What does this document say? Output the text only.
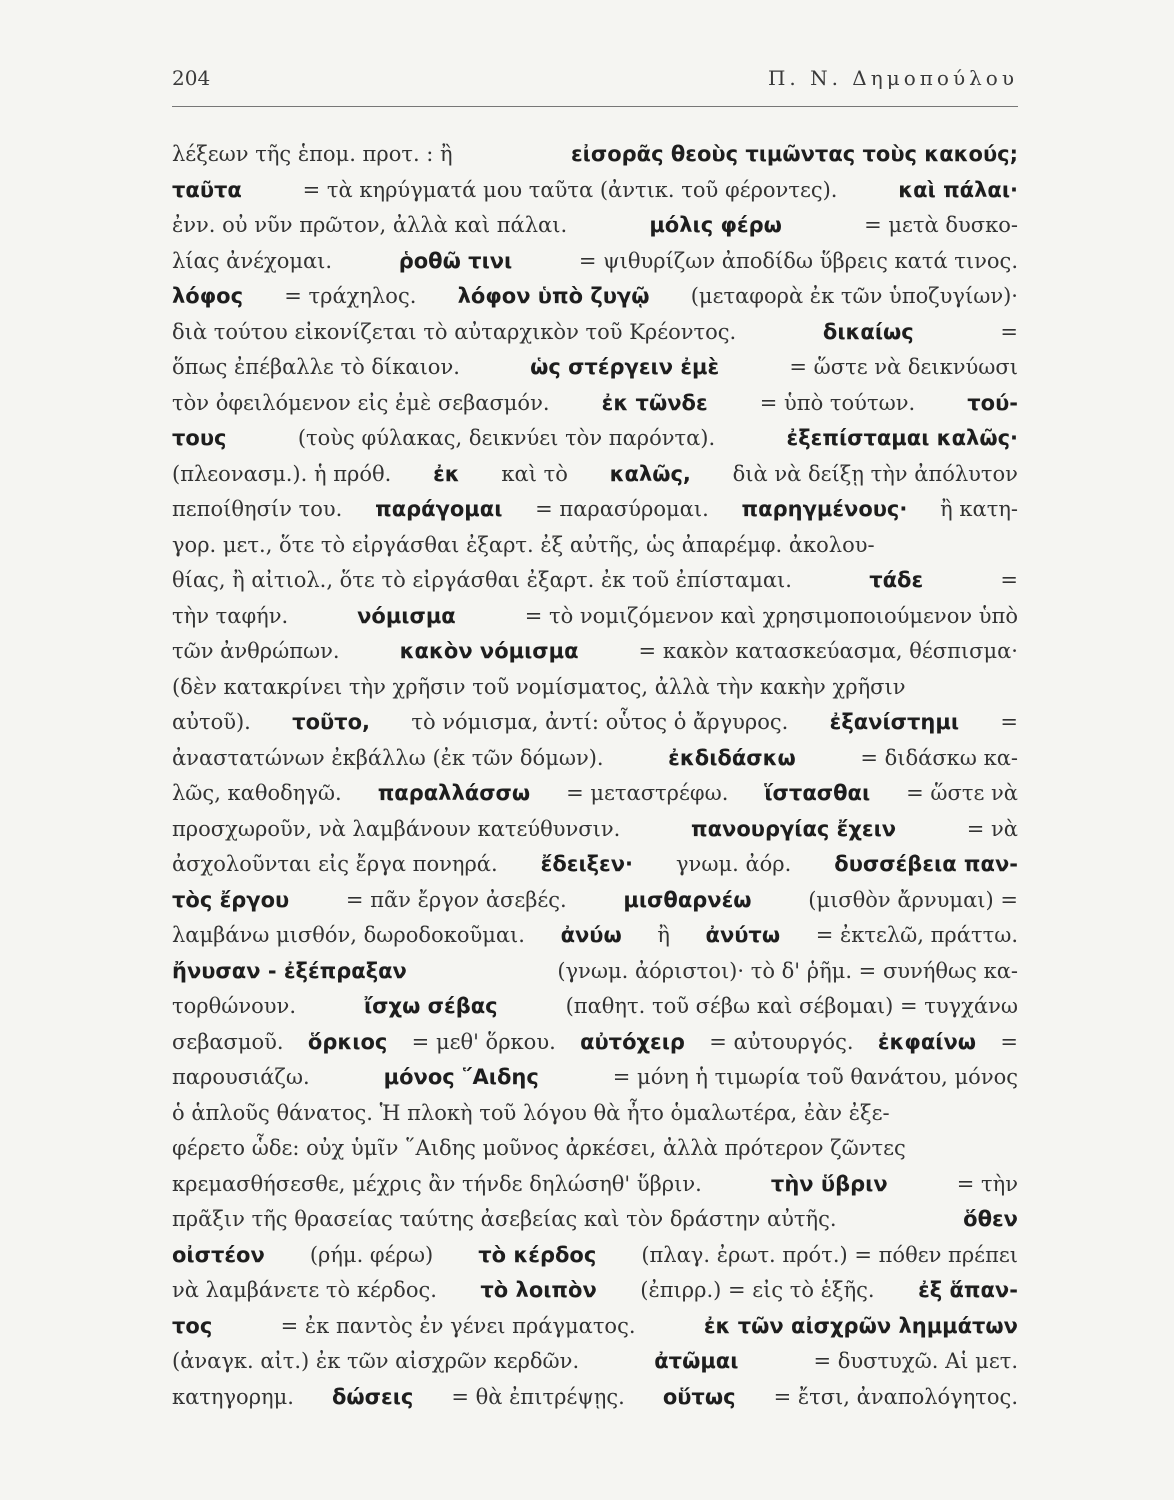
204	Π. Ν. Δημοπούλου
λέξεων τῆς ἑπομ. προτ. : ἢ	εἰσορᾶς θεοὺς τιμῶντας τοὺς κακούς;
ταῦτα	= τὰ κηρύγματά μου ταῦτα (ἀντικ. τοῦ φέροντες).	καὶ πάλαι·
ἐνν. οὐ νῦν πρῶτον, ἀλλὰ καὶ πάλαι.	μόλις φέρω	= μετὰ δυσκο-
λίας ἀνέχομαι.	ῥοθῶ τινι	= ψιθυρίζων ἀποδίδω ὕβρεις κατά τινος.
λόφος = τράχηλος. λόφον ὑπὸ ζυγῷ (μεταφορὰ ἐκ τῶν ὑποζυγίων)·
διὰ τούτου εἰκονίζεται τὸ αὐταρχικὸν τοῦ Κρέοντος.	δικαίως	=
ὅπως ἐπέβαλλε τὸ δίκαιον.	ὡς στέργειν ἐμὲ	= ὥστε νὰ δεικνύωσι
τὸν ὀφειλόμενον εἰς ἐμὲ σεβασμόν. ἐκ τῶνδε = ὑπὸ τούτων. τού-
τους	(τοὺς φύλακας, δεικνύει τὸν παρόντα).	ἐξεπίσταμαι καλῶς·
(πλεονασμ.). ἡ πρόθ. ἐκ καὶ τὸ καλῶς, διὰ νὰ δείξῃ τὴν ἀπόλυτον
πεποίθησίν του. παράγομαι = παρασύρομαι. παρηγμένους· ἢ κατη-
γορ. μετ., ὅτε τὸ εἰργάσθαι ἐξαρτ. ἐξ αὐτῆς, ὡς ἀπαρέμφ. ἀκολου-
θίας, ἢ αἰτιολ., ὅτε τὸ εἰργάσθαι ἐξαρτ. ἐκ τοῦ ἐπίσταμαι.	τάδε	=
τὴν ταφήν.	νόμισμα	= τὸ νομιζόμενον καὶ χρησιμοποιούμενον ὑπὸ
τῶν ἀνθρώπων.	κακὸν νόμισμα	= κακὸν κατασκεύασμα, θέσπισμα·
(δὲν κατακρίνει τὴν χρῆσιν τοῦ νομίσματος, ἀλλὰ τὴν κακὴν χρῆσιν
αὐτοῦ). τοῦτο, τὸ νόμισμα, ἀντί: οὗτος ὁ ἄργυρος. ἐξανίστημι =
ἀναστατώνων ἐκβάλλω (ἐκ τῶν δόμων).	ἐκδιδάσκω	= διδάσκω κα-
λῶς, καθοδηγῶ. παραλλάσσω = μεταστρέφω. ἵστασθαι = ὥστε νὰ
προσχωροῦν, νὰ λαμβάνουν κατεύθυνσιν.	πανουργίας ἔχειν	= νὰ
ἀσχολοῦνται εἰς ἔργα πονηρά. ἔδειξεν· γνωμ. ἀόρ. δυσσέβεια παν-
τὸς ἔργου	= πᾶν ἔργον ἀσεβές.	μισθαρνέω	(μισθὸν ἄρνυμαι) =
λαμβάνω μισθόν, δωροδοκοῦμαι. ἀνύω ἢ ἀνύτω = ἐκτελῶ, πράττω.
ἤνυσαν - ἐξέπραξαν	(γνωμ. ἀόριστοι)· τὸ δ' ῥῆμ. = συνήθως κα-
τορθώνουν.	ἴσχω σέβας	(παθητ. τοῦ σέβω καὶ σέβομαι) = τυγχάνω
σεβασμοῦ. ὅρκιος = μεθ' ὅρκου. αὐτόχειρ = αὐτουργός. ἐκφαίνω =
παρουσιάζω.	μόνος ῞Αιδης	= μόνη ἡ τιμωρία τοῦ θανάτου, μόνος
ὁ ἁπλοῦς θάνατος. Ἡ πλοκὴ τοῦ λόγου θὰ ἦτο ὁμαλωτέρα, ἐὰν ἐξε-
φέρετο ὧδε: οὐχ ὑμῖν ῞Αιδης μοῦνος ἀρκέσει, ἀλλὰ πρότερον ζῶντες
κρεμασθήσεσθε, μέχρις ἂν τήνδε δηλώσηθ' ὕβριν.	τὴν ὕβριν	= τὴν
πρᾶξιν τῆς θρασείας ταύτης ἀσεβείας καὶ τὸν δράστην αὐτῆς.	ὅθεν
οἰστέον (ρήμ. φέρω) τὸ κέρδος (πλαγ. ἐρωτ. πρότ.) = πόθεν πρέπει
νὰ λαμβάνετε τὸ κέρδος. τὸ λοιπὸν (ἐπιρρ.) = εἰς τὸ ἑξῆς. ἐξ ἅπαν-
τος	= ἐκ παντὸς ἐν γένει πράγματος.	ἐκ τῶν αἰσχρῶν λημμάτων
(ἀναγκ. αἰτ.) ἐκ τῶν αἰσχρῶν κερδῶν.	ἀτῶμαι	= δυστυχῶ. Αἱ μετ.
κατηγορημ. δώσεις = θὰ ἐπιτρέψῃς. οὕτως = ἔτσι, ἀναπολόγητος.
